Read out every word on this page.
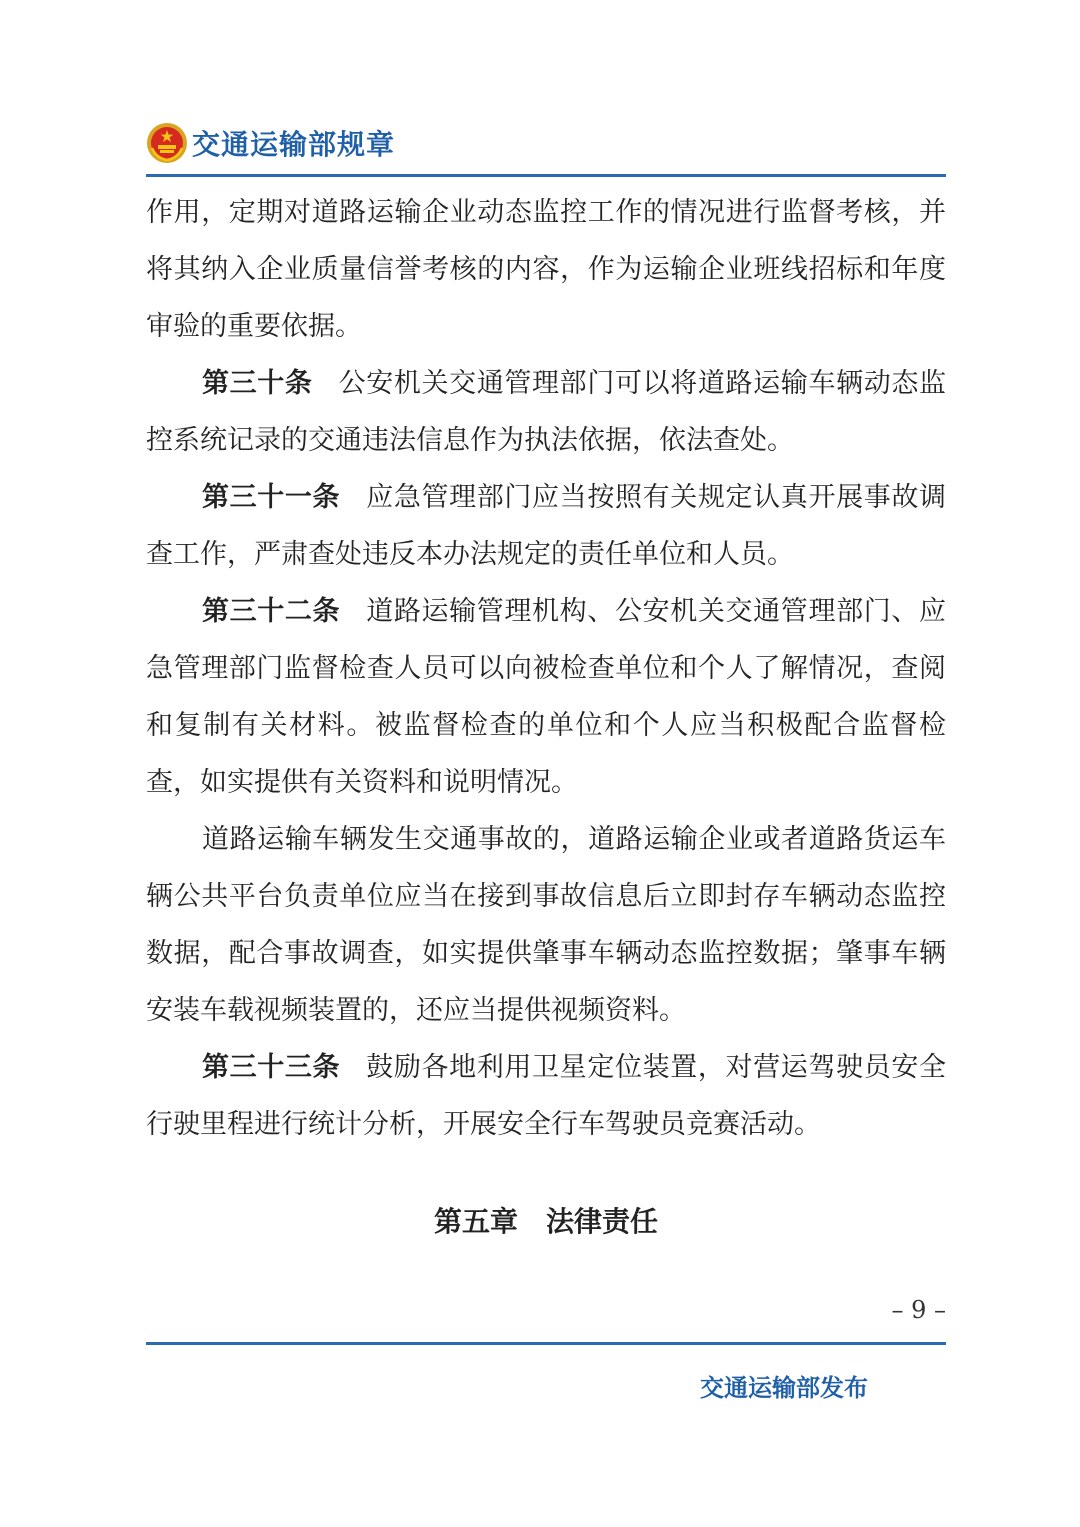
交通运输部规章

作用，定期对道路运输企业动态监控工作的情况进行监督考核，并将其纳入企业质量信誉考核的内容，作为运输企业班线招标和年度审验的重要依据。

第三十条 公安机关交通管理部门可以将道路运输车辆动态监控系统记录的交通违法信息作为执法依据，依法查处。

第三十一条 应急管理部门应当按照有关规定认真开展事故调查工作，严肃查处违反本办法规定的责任单位和人员。

第三十二条 道路运输管理机构、公安机关交通管理部门、应急管理部门监督检查人员可以向被检查单位和个人了解情况，查阅和复制有关材料。被监督检查的单位和个人应当积极配合监督检查，如实提供有关资料和说明情况。

道路运输车辆发生交通事故的，道路运输企业或者道路货运车辆公共平台负责单位应当在接到事故信息后立即封存车辆动态监控数据，配合事故调查，如实提供肇事车辆动态监控数据；肇事车辆安装车载视频装置的，还应当提供视频资料。

第三十三条 鼓励各地利用卫星定位装置，对营运驾驶员安全行驶里程进行统计分析，开展安全行车驾驶员竞赛活动。

第五章 法律责任
– 9 –
交通运输部发布
